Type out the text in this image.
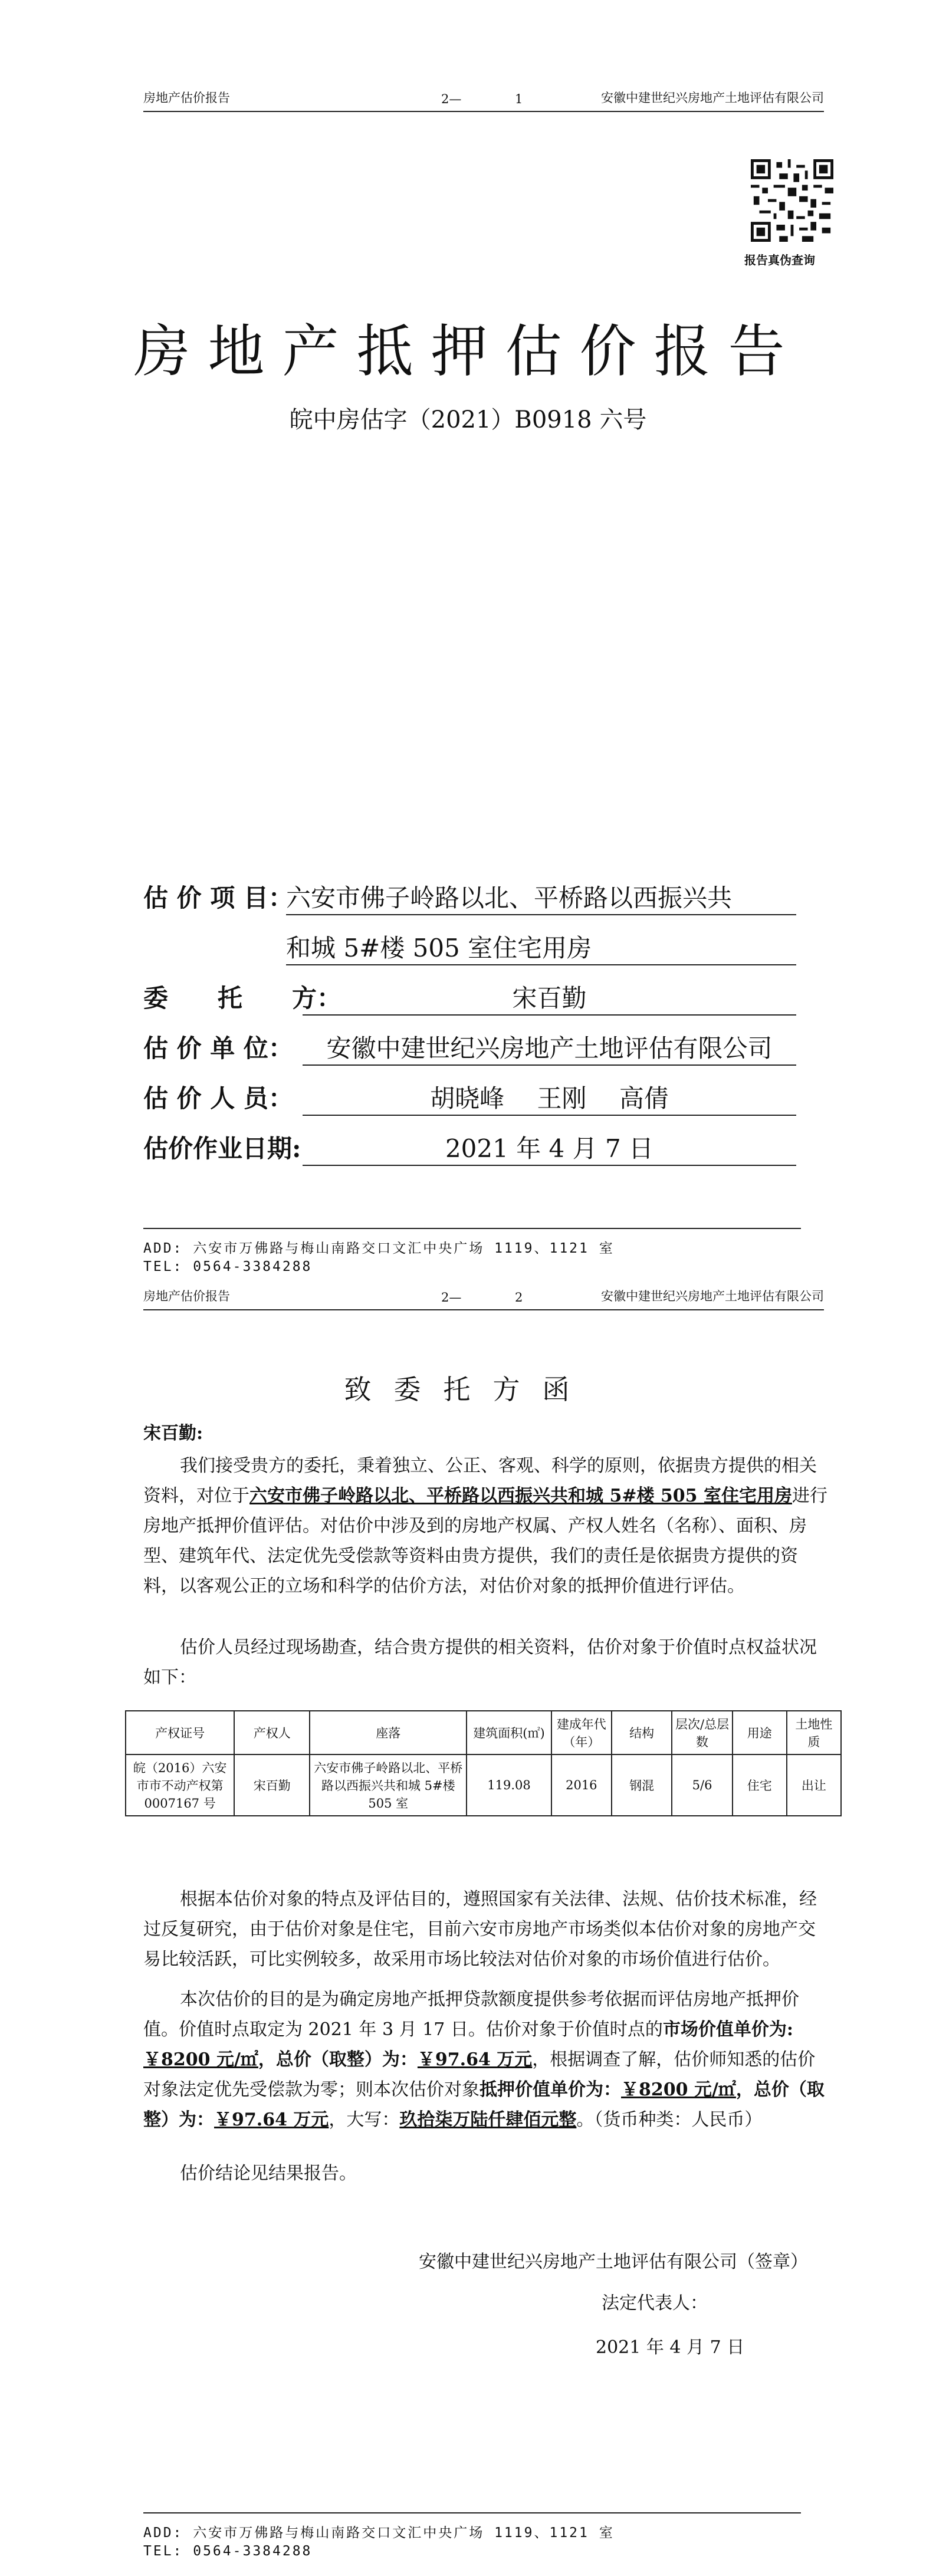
房地产估价报告	2—	1	安徽中建世纪兴房地产土地评估有限公司
报告真伪查询
房地产抵押估价报告
皖中房估字（2021）B0918 六号
估 价 项 目：
六安市佛子岭路以北、平桥路以西振兴共
和城 5#楼 505 室住宅用房
委　　托　　方：	宋百勤
估 价 单 位：	安徽中建世纪兴房地产土地评估有限公司
估 价 人 员：	胡晓峰　 王刚　 高倩
估价作业日期:	2021 年 4 月 7 日
ADD: 六安市万佛路与梅山南路交口文汇中央广场 1119、1121 室
TEL: 0564-3384288
房地产估价报告	2—	2	安徽中建世纪兴房地产土地评估有限公司
致委托方函
宋百勤:
我们接受贵方的委托，秉着独立、公正、客观、科学的原则，依据贵方提供的相关资料，对位于六安市佛子岭路以北、平桥路以西振兴共和城 5#楼 505 室住宅用房进行房地产抵押价值评估。对估价中涉及到的房地产权属、产权人姓名（名称）、面积、房型、建筑年代、法定优先受偿款等资料由贵方提供，我们的责任是依据贵方提供的资料，以客观公正的立场和科学的估价方法，对估价对象的抵押价值进行评估。
估价人员经过现场勘查，结合贵方提供的相关资料，估价对象于价值时点权益状况如下：
产权证号	产权人	座落	建筑面积(㎡)	建成年代（年）	结构	层次/总层数	用途	土地性质
皖（2016）六安市市不动产权第 0007167 号	宋百勤	六安市佛子岭路以北、平桥路以西振兴共和城 5#楼 505 室	119.08	2016	钢混	5/6	住宅	出让
根据本估价对象的特点及评估目的，遵照国家有关法律、法规、估价技术标准，经过反复研究，由于估价对象是住宅，目前六安市房地产市场类似本估价对象的房地产交易比较活跃，可比实例较多，故采用市场比较法对估价对象的市场价值进行估价。
本次估价的目的是为确定房地产抵押贷款额度提供参考依据而评估房地产抵押价值。价值时点取定为 2021 年 3 月 17 日。估价对象于价值时点的市场价值单价为:￥8200 元/㎡，总价（取整）为：￥97.64 万元，根据调查了解，估价师知悉的估价对象法定优先受偿款为零；则本次估价对象抵押价值单价为：￥8200 元/㎡，总价（取整）为：￥97.64 万元，大写：玖拾柒万陆仟肆佰元整。（货币种类：人民币）
估价结论见结果报告。
安徽中建世纪兴房地产土地评估有限公司（签章）
法定代表人：
2021 年 4 月 7 日
ADD: 六安市万佛路与梅山南路交口文汇中央广场 1119、1121 室
TEL: 0564-3384288
